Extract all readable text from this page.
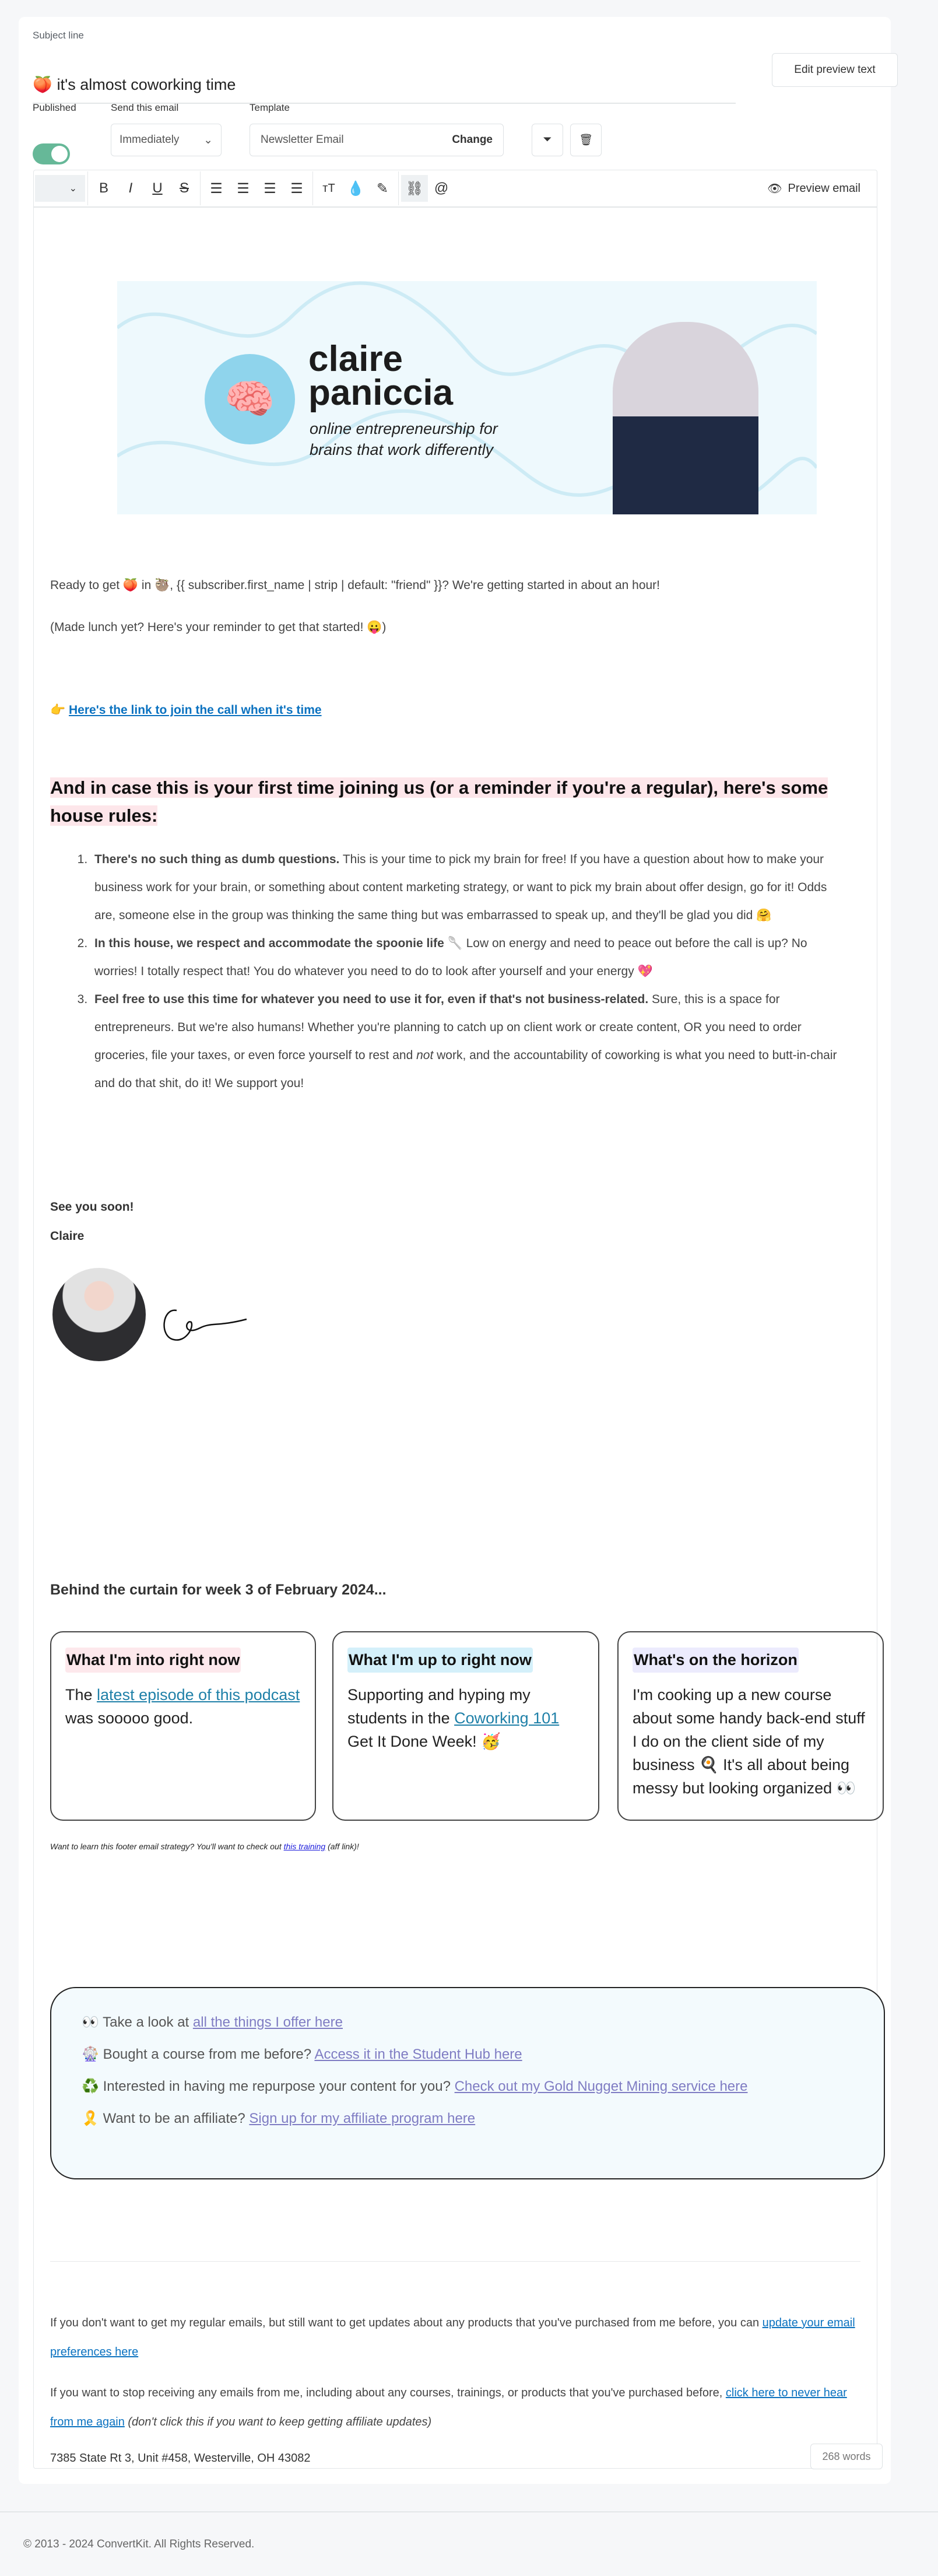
Subject line
🍑 it's almost coworking time
Edit preview text
Published	Send this email	Template
Immediately ⌄	Newsletter Email	Change	⏷ 🗑
⌄	B	I	U	S	☰	☰	☰	☰	тT 💧 ✎	⛓ @	👁 Preview email
🧠
claire
paniccia
online entrepreneurship for
brains that work differently
Ready to get 🍑 in 🦥, {{ subscriber.first_name | strip | default: "friend" }}? We're getting started in about an hour!
(Made lunch yet? Here's your reminder to get that started! 😛)
👉 Here's the link to join the call when it's time
And in case this is your first time joining us (or a reminder if you're a regular), here's some house rules:
1. There's no such thing as dumb questions. This is your time to pick my brain for free! If you have a question about how to make your business work for your brain, or something about content marketing strategy, or want to pick my brain about offer design, go for it! Odds are, someone else in the group was thinking the same thing but was embarrassed to speak up, and they'll be glad you did 🤗
2. In this house, we respect and accommodate the spoonie life 🥄 Low on energy and need to peace out before the call is up? No worries! I totally respect that! You do whatever you need to do to look after yourself and your energy 💖
3. Feel free to use this time for whatever you need to use it for, even if that's not business-related. Sure, this is a space for entrepreneurs. But we're also humans! Whether you're planning to catch up on client work or create content, OR you need to order groceries, file your taxes, or even force yourself to rest and not work, and the accountability of coworking is what you need to butt-in-chair and do that shit, do it! We support you!
See you soon!
Claire
Behind the curtain for week 3 of February 2024...
What I'm into right now

The latest episode of this podcast was sooooo good.

What I'm up to right now

Supporting and hyping my students in the Coworking 101 Get It Done Week! 🥳

What's on the horizon

I'm cooking up a new course about some handy back-end stuff I do on the client side of my business 🍳 It's all about being messy but looking organized 👀

Want to learn this footer email strategy? You'll want to check out this training (aff link)!

👀 Take a look at all the things I offer here

🎡 Bought a course from me before? Access it in the Student Hub here

♻️ Interested in having me repurpose your content for you? Check out my Gold Nugget Mining service here

🎗️ Want to be an affiliate? Sign up for my affiliate program here

If you don't want to get my regular emails, but still want to get updates about any products that you've purchased from me before, you can update your email preferences here
If you want to stop receiving any emails from me, including about any courses, trainings, or products that you've purchased before, click here to never hear from me again (don't click this if you want to keep getting affiliate updates)
7385 State Rt 3, Unit #458, Westerville, OH 43082	268 words
© 2013 - 2024 ConvertKit. All Rights Reserved.
